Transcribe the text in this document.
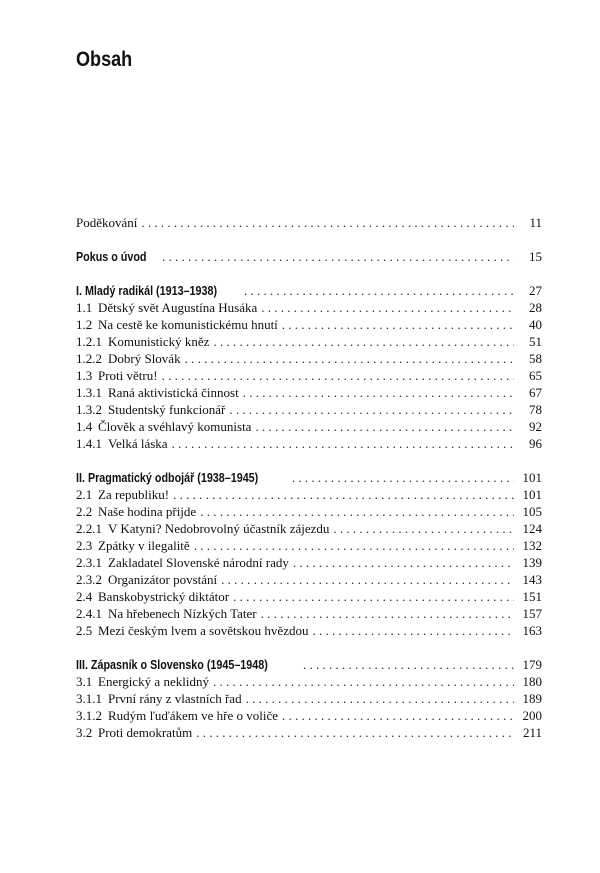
Obsah
Poděkování . . .	11
Pokus o úvod . . .	15
I. Mladý radikál (1913–1938) . . .	27
1.1 Dětský svět Augustína Husáka . . .	28
1.2 Na cestě ke komunistickému hnutí . . .	40
1.2.1 Komunistický kněz . . .	51
1.2.2 Dobrý Slovák . . .	58
1.3 Proti větru! . . .	65
1.3.1 Raná aktivistická činnost . . .	67
1.3.2 Studentský funkcionář . . .	78
1.4 Člověk a svéhlavý komunista . . .	92
1.4.1 Velká láska . . .	96
II. Pragmatický odbojář (1938–1945) . . .	101
2.1 Za republiku! . . .	101
2.2 Naše hodina přijde . . .	105
2.2.1 V Katyni? Nedobrovolný účastník zájezdu . . .	124
2.3 Zpátky v ilegalitě . . .	132
2.3.1 Zakladatel Slovenské národní rady . . .	139
2.3.2 Organizátor povstání . . .	143
2.4 Banskobystrický diktátor . . .	151
2.4.1 Na hřebenech Nízkých Tater . . .	157
2.5 Mezi českým lvem a sovětskou hvězdou . . .	163
III. Zápasník o Slovensko (1945–1948) . . .	179
3.1 Energický a neklidný . . .	180
3.1.1 První rány z vlastních řad . . .	189
3.1.2 Rudým ľuďákem ve hře o voliče . . .	200
3.2 Proti demokratům . . .	211
